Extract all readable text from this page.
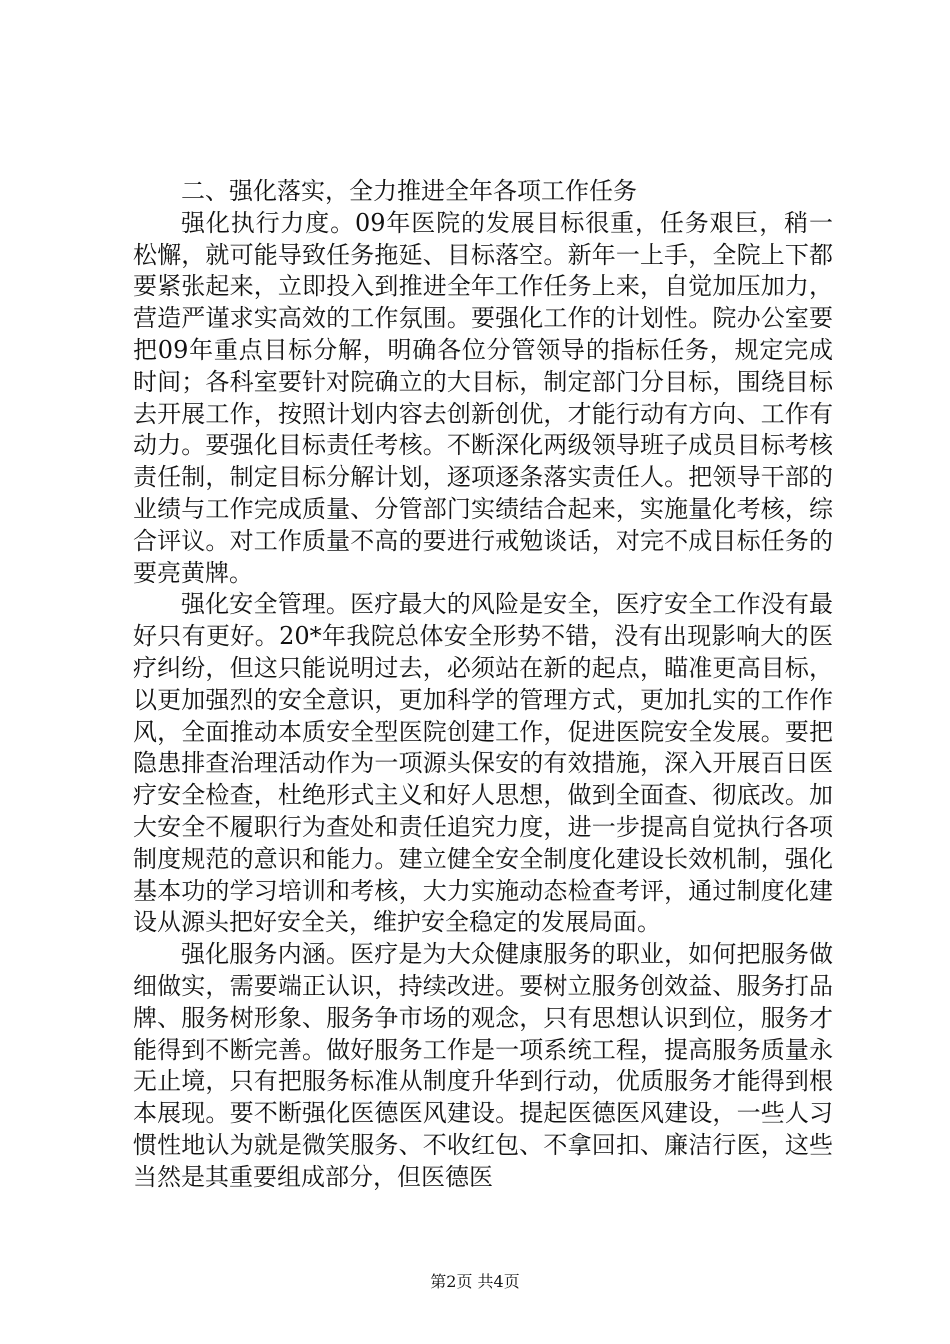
二、强化落实，全力推进全年各项工作任务

强化执行力度。09年医院的发展目标很重，任务艰巨，稍一松懈，就可能导致任务拖延、目标落空。新年一上手，全院上下都要紧张起来，立即投入到推进全年工作任务上来，自觉加压加力，营造严谨求实高效的工作氛围。要强化工作的计划性。院办公室要把09年重点目标分解，明确各位分管领导的指标任务，规定完成时间；各科室要针对院确立的大目标，制定部门分目标，围绕目标去开展工作，按照计划内容去创新创优，才能行动有方向、工作有动力。要强化目标责任考核。不断深化两级领导班子成员目标考核责任制，制定目标分解计划，逐项逐条落实责任人。把领导干部的业绩与工作完成质量、分管部门实绩结合起来，实施量化考核，综合评议。对工作质量不高的要进行戒勉谈话，对完不成目标任务的要亮黄牌。

强化安全管理。医疗最大的风险是安全，医疗安全工作没有最好只有更好。20*年我院总体安全形势不错，没有出现影响大的医疗纠纷，但这只能说明过去，必须站在新的起点，瞄准更高目标，以更加强烈的安全意识，更加科学的管理方式，更加扎实的工作作风，全面推动本质安全型医院创建工作，促进医院安全发展。要把隐患排查治理活动作为一项源头保安的有效措施，深入开展百日医疗安全检查，杜绝形式主义和好人思想，做到全面查、彻底改。加大安全不履职行为查处和责任追究力度，进一步提高自觉执行各项制度规范的意识和能力。建立健全安全制度化建设长效机制，强化基本功的学习培训和考核，大力实施动态检查考评，通过制度化建设从源头把好安全关，维护安全稳定的发展局面。

强化服务内涵。医疗是为大众健康服务的职业，如何把服务做细做实，需要端正认识，持续改进。要树立服务创效益、服务打品牌、服务树形象、服务争市场的观念，只有思想认识到位，服务才能得到不断完善。做好服务工作是一项系统工程，提高服务质量永无止境，只有把服务标准从制度升华到行动，优质服务才能得到根本展现。要不断强化医德医风建设。提起医德医风建设，一些人习惯性地认为就是微笑服务、不收红包、不拿回扣、廉洁行医，这些当然是其重要组成部分，但医德医

第2页 共4页
